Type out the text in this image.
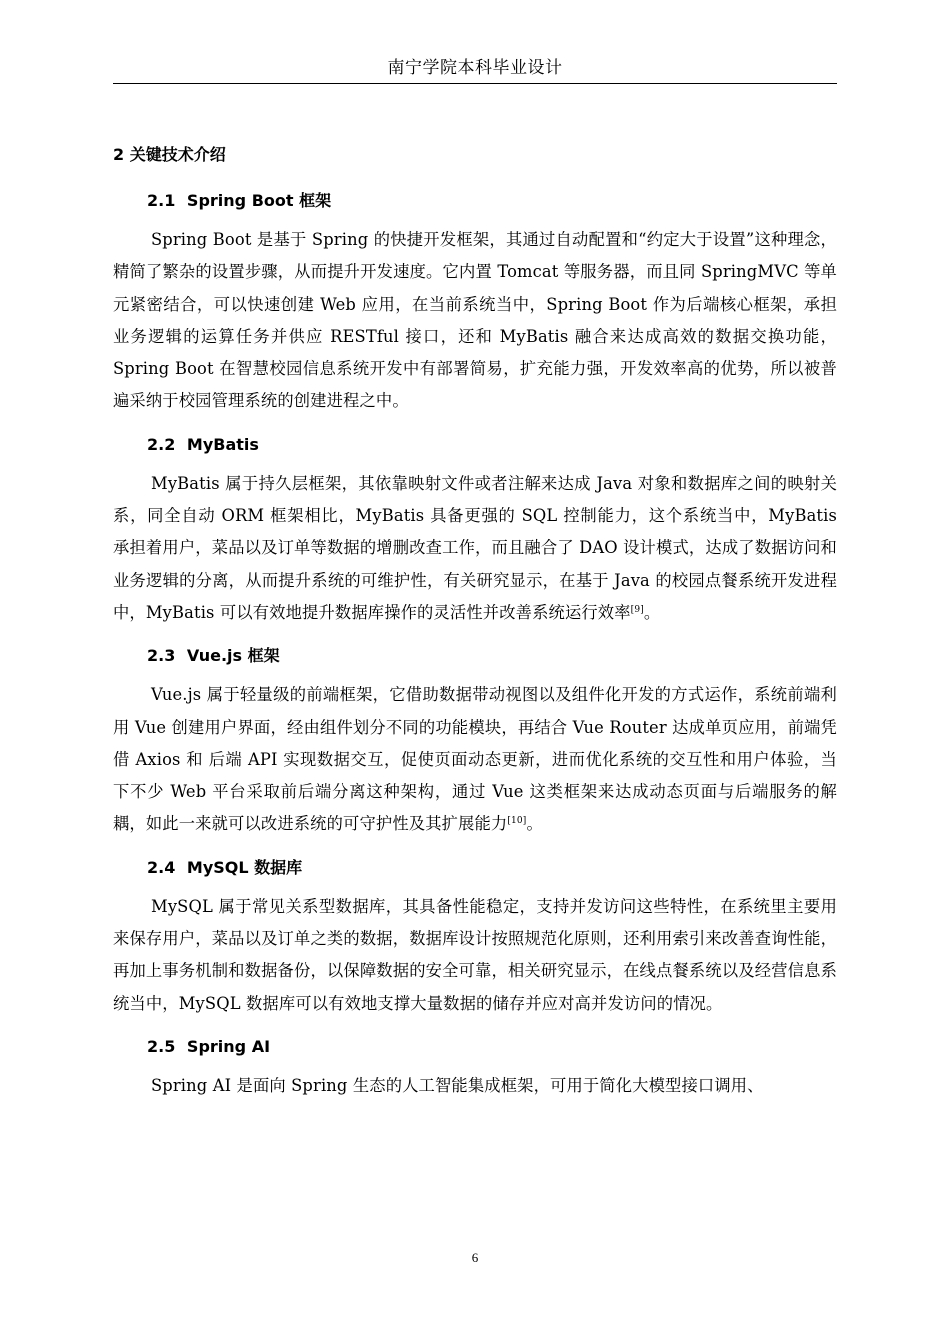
南宁学院本科毕业设计
2 关键技术介绍
2.1 Spring Boot 框架

Spring Boot 是基于 Spring 的快捷开发框架，其通过自动配置和“约定大于设置”这种理念，精简了繁杂的设置步骤，从而提升开发速度。它内置 Tomcat 等服务器，而且同 SpringMVC 等单元紧密结合，可以快速创建 Web 应用，在当前系统当中，Spring Boot 作为后端核心框架，承担业务逻辑的运算任务并供应 RESTful 接口，还和 MyBatis 融合来达成高效的数据交换功能，Spring Boot 在智慧校园信息系统开发中有部署简易，扩充能力强，开发效率高的优势，所以被普遍采纳于校园管理系统的创建进程之中。

2.2 MyBatis

MyBatis 属于持久层框架，其依靠映射文件或者注解来达成 Java 对象和数据库之间的映射关系，同全自动 ORM 框架相比，MyBatis 具备更强的 SQL 控制能力，这个系统当中，MyBatis 承担着用户，菜品以及订单等数据的增删改查工作，而且融合了 DAO 设计模式，达成了数据访问和业务逻辑的分离，从而提升系统的可维护性，有关研究显示，在基于 Java 的校园点餐系统开发进程中，MyBatis 可以有效地提升数据库操作的灵活性并改善系统运行效率[9]。

2.3 Vue.js 框架

Vue.js 属于轻量级的前端框架，它借助数据带动视图以及组件化开发的方式运作，系统前端利用 Vue 创建用户界面，经由组件划分不同的功能模块，再结合 Vue Router 达成单页应用，前端凭借 Axios 和 后端 API 实现数据交互，促使页面动态更新，进而优化系统的交互性和用户体验，当下不少 Web 平台采取前后端分离这种架构，通过 Vue 这类框架来达成动态页面与后端服务的解耦，如此一来就可以改进系统的可守护性及其扩展能力[10]。

2.4 MySQL 数据库

MySQL 属于常见关系型数据库，其具备性能稳定，支持并发访问这些特性，在系统里主要用来保存用户，菜品以及订单之类的数据，数据库设计按照规范化原则，还利用索引来改善查询性能，再加上事务机制和数据备份，以保障数据的安全可靠，相关研究显示，在线点餐系统以及经营信息系统当中，MySQL 数据库可以有效地支撑大量数据的储存并应对高并发访问的情况。

2.5 Spring AI

Spring AI 是面向 Spring 生态的人工智能集成框架，可用于简化大模型接口调用、

6
